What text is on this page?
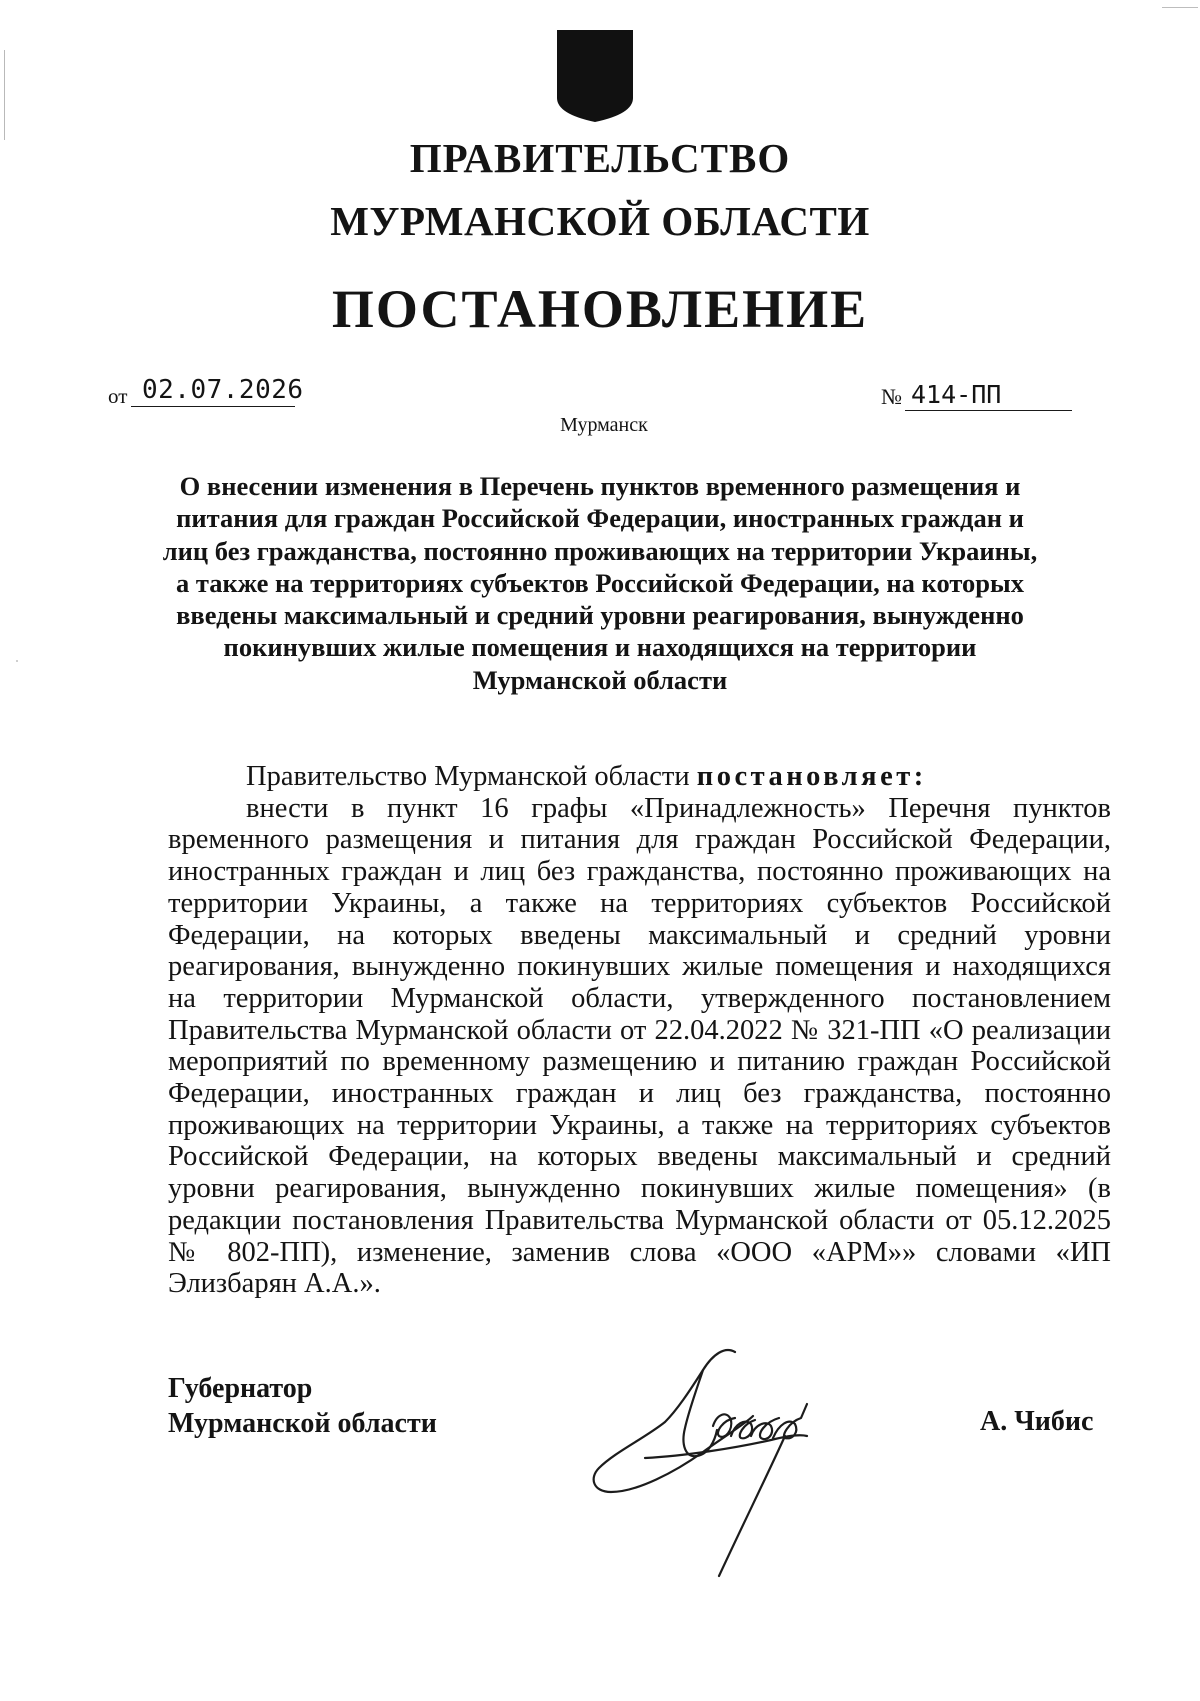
ПРАВИТЕЛЬСТВО
МУРМАНСКОЙ ОБЛАСТИ
ПОСТАНОВЛЕНИЕ
от 02.07.2026	№ 414-ПП
Мурманск
О внесении изменения в Перечень пунктов временного размещения и
питания для граждан Российской Федерации, иностранных граждан и
лиц без гражданства, постоянно проживающих на территории Украины,
а также на территориях субъектов Российской Федерации, на которых
введены максимальный и средний уровни реагирования, вынужденно
покинувших жилые помещения и находящихся на территории
Мурманской области
Правительство Мурманской области постановляет:
внести в пункт 16 графы «Принадлежность» Перечня пунктов временного размещения и питания для граждан Российской Федерации, иностранных граждан и лиц без гражданства, постоянно проживающих на территории Украины, а также на территориях субъектов Российской Федерации, на которых введены максимальный и средний уровни реагирования, вынужденно покинувших жилые помещения и находящихся на территории Мурманской области, утвержденного постановлением Правительства Мурманской области от 22.04.2022 № 321-ПП «О реализации мероприятий по временному размещению и питанию граждан Российской Федерации, иностранных граждан и лиц без гражданства, постоянно проживающих на территории Украины, а также на территориях субъектов Российской Федерации, на которых введены максимальный и средний уровни реагирования, вынужденно покинувших жилые помещения» (в редакции постановления Правительства Мурманской области от 05.12.2025 № 802-ПП), изменение, заменив слова «ООО «АРМ»» словами «ИП Элизбарян А.А.».
Губернатор
Мурманской области	А. Чибис
